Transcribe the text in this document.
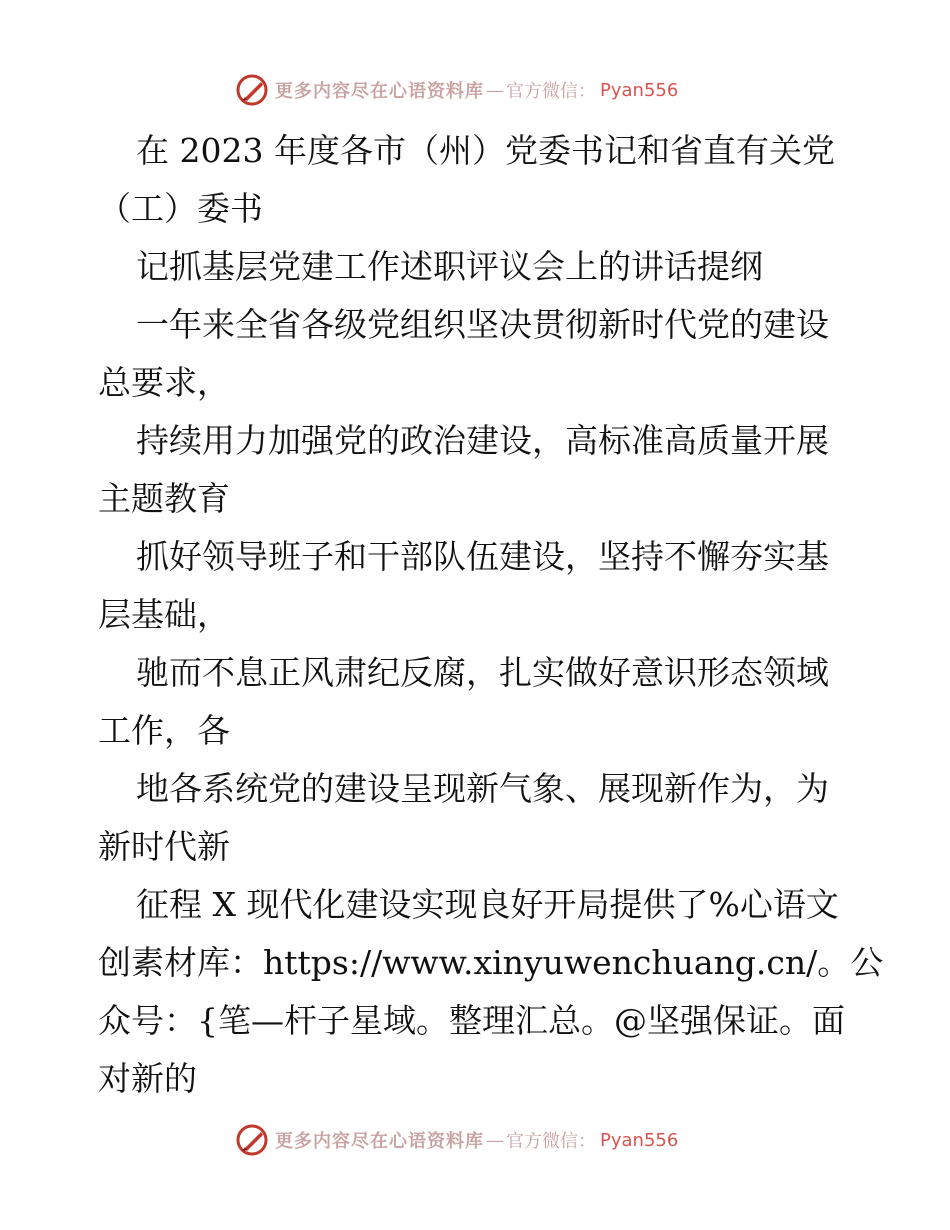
更多内容尽在心语资料库 — 官方微信： Pyan556
在 2023 年度各市（州）党委书记和省直有关党
（工）委书
记抓基层党建工作述职评议会上的讲话提纲
一年来全省各级党组织坚决贯彻新时代党的建设
总要求，
持续用力加强党的政治建设，高标准高质量开展
主题教育
抓好领导班子和干部队伍建设，坚持不懈夯实基
层基础，
驰而不息正风肃纪反腐，扎实做好意识形态领域
工作，各
地各系统党的建设呈现新气象、展现新作为，为
新时代新
征程 X 现代化建设实现良好开局提供了%心语文
创素材库：https://www.xinyuwenchuang.cn/。公
众号：{笔—杆子星域。整理汇总。@坚强保证。面
对新的
更多内容尽在心语资料库 — 官方微信： Pyan556
